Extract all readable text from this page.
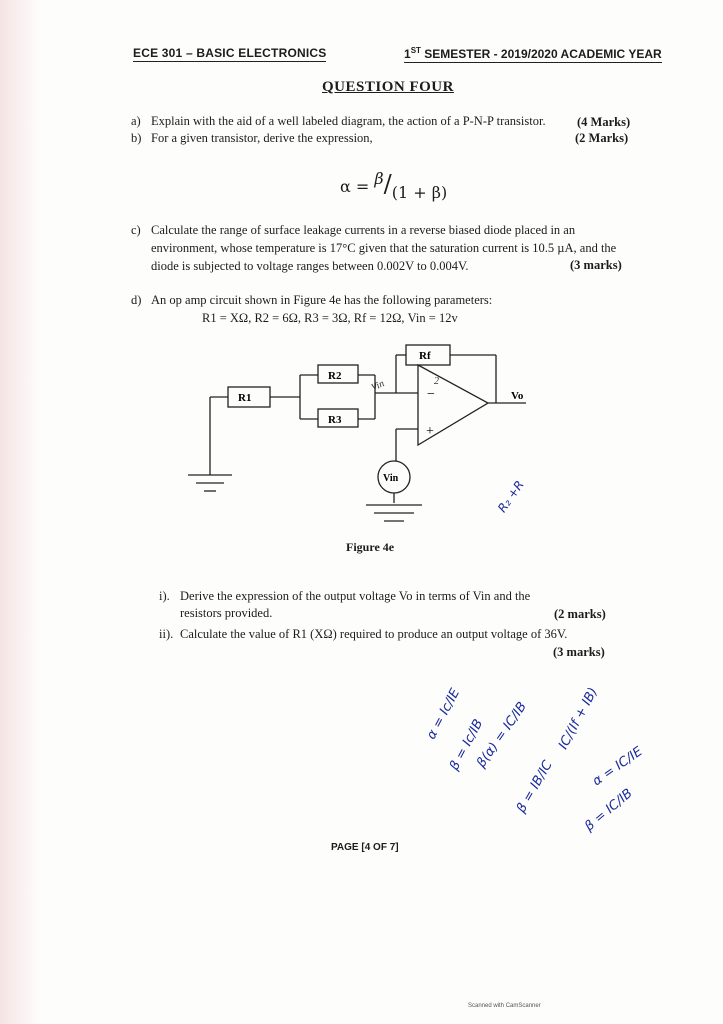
ECE 301 – BASIC ELECTRONICS	1ST SEMESTER - 2019/2020 ACADEMIC YEAR
QUESTION FOUR
a) Explain with the aid of a well labeled diagram, the action of a P-N-P transistor.	(4 Marks)
b) For a given transistor, derive the expression,	(2 Marks)
α = β/(1 + β)
c) Calculate the range of surface leakage currents in a reverse biased diode placed in an
environment, whose temperature is 17°C given that the saturation current is 10.5 µA, and the
diode is subjected to voltage ranges between 0.002V to 0.004V.	(3 marks)
d) An op amp circuit shown in Figure 4e has the following parameters:
R1 = XΩ, R2 = 6Ω, R3 = 3Ω, Rf = 12Ω, Vin = 12v
R1
R2
R3
Rf
Vo
Vin
−
+
Vin	2
Figure 4e
R₂ +R
i). Derive the expression of the output voltage Vo in terms of Vin and the
resistors provided.	(2 marks)
ii). Calculate the value of R1 (XΩ) required to produce an output voltage of 36V.
(3 marks)
α = Ic/IE
β = Ic/IB
β(α) = IC/IB IC/(If + IB)
β = IB/IC	α = IC/IE
β = IC/IB
PAGE [4 OF 7]
Scanned with CamScanner
